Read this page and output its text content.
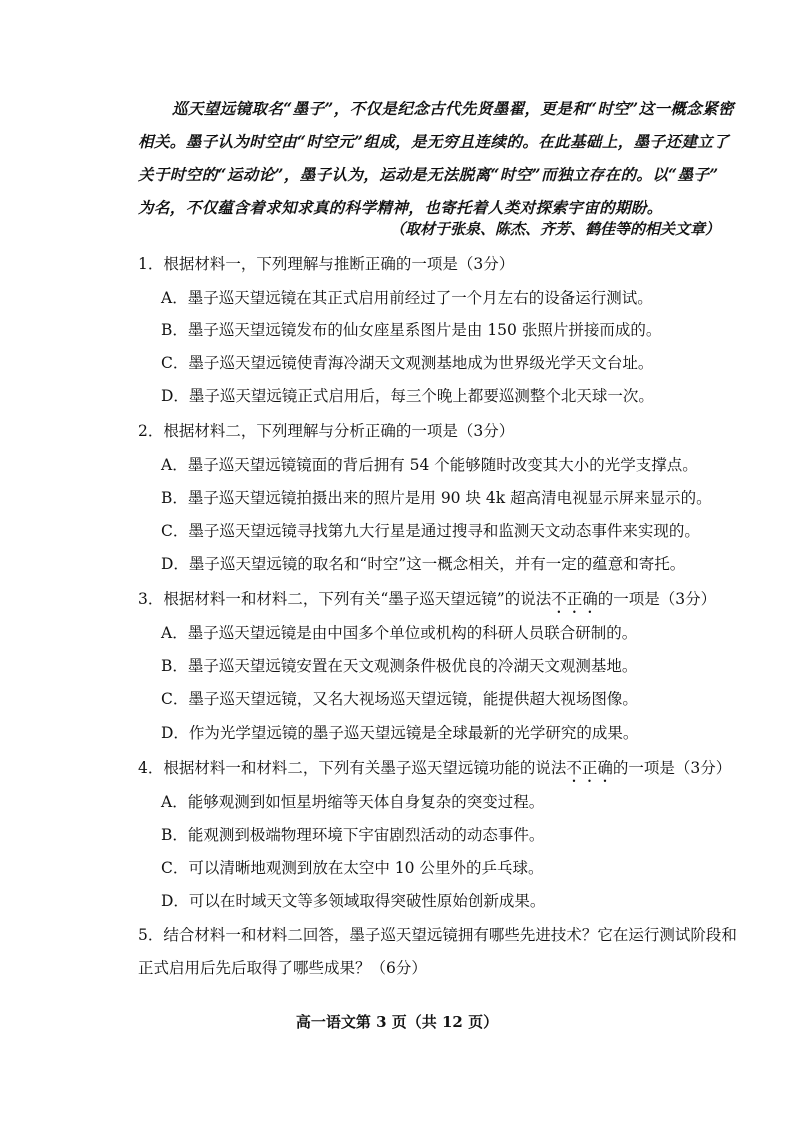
巡天望远镜取名“墨子”，不仅是纪念古代先贤墨翟，更是和“时空”这一概念紧密
相关。墨子认为时空由“时空元”组成，是无穷且连续的。在此基础上，墨子还建立了
关于时空的“运动论”，墨子认为，运动是无法脱离“时空”而独立存在的。以“墨子”
为名，不仅蕴含着求知求真的科学精神，也寄托着人类对探索宇宙的期盼。
（取材于张泉、陈杰、齐芳、鹤佳等的相关文章）
1．根据材料一，下列理解与推断正确的一项是（3分）
A．墨子巡天望远镜在其正式启用前经过了一个月左右的设备运行测试。
B．墨子巡天望远镜发布的仙女座星系图片是由 150 张照片拼接而成的。
C．墨子巡天望远镜使青海冷湖天文观测基地成为世界级光学天文台址。
D．墨子巡天望远镜正式启用后，每三个晚上都要巡测整个北天球一次。
2．根据材料二，下列理解与分析正确的一项是（3分）
A．墨子巡天望远镜镜面的背后拥有 54 个能够随时改变其大小的光学支撑点。
B．墨子巡天望远镜拍摄出来的照片是用 90 块 4k 超高清电视显示屏来显示的。
C．墨子巡天望远镜寻找第九大行星是通过搜寻和监测天文动态事件来实现的。
D．墨子巡天望远镜的取名和“时空”这一概念相关，并有一定的蕴意和寄托。
3．根据材料一和材料二，下列有关“墨子巡天望远镜”的说法不正确的一项是（3分）
A．墨子巡天望远镜是由中国多个单位或机构的科研人员联合研制的。
B．墨子巡天望远镜安置在天文观测条件极优良的冷湖天文观测基地。
C．墨子巡天望远镜，又名大视场巡天望远镜，能提供超大视场图像。
D．作为光学望远镜的墨子巡天望远镜是全球最新的光学研究的成果。
4．根据材料一和材料二，下列有关墨子巡天望远镜功能的说法不正确的一项是（3分）
A．能够观测到如恒星坍缩等天体自身复杂的突变过程。
B．能观测到极端物理环境下宇宙剧烈活动的动态事件。
C．可以清晰地观测到放在太空中 10 公里外的乒乓球。
D．可以在时域天文等多领域取得突破性原始创新成果。
5．结合材料一和材料二回答，墨子巡天望远镜拥有哪些先进技术？它在运行测试阶段和
正式启用后先后取得了哪些成果？（6分）
高一语文第 3 页（共 12 页）
